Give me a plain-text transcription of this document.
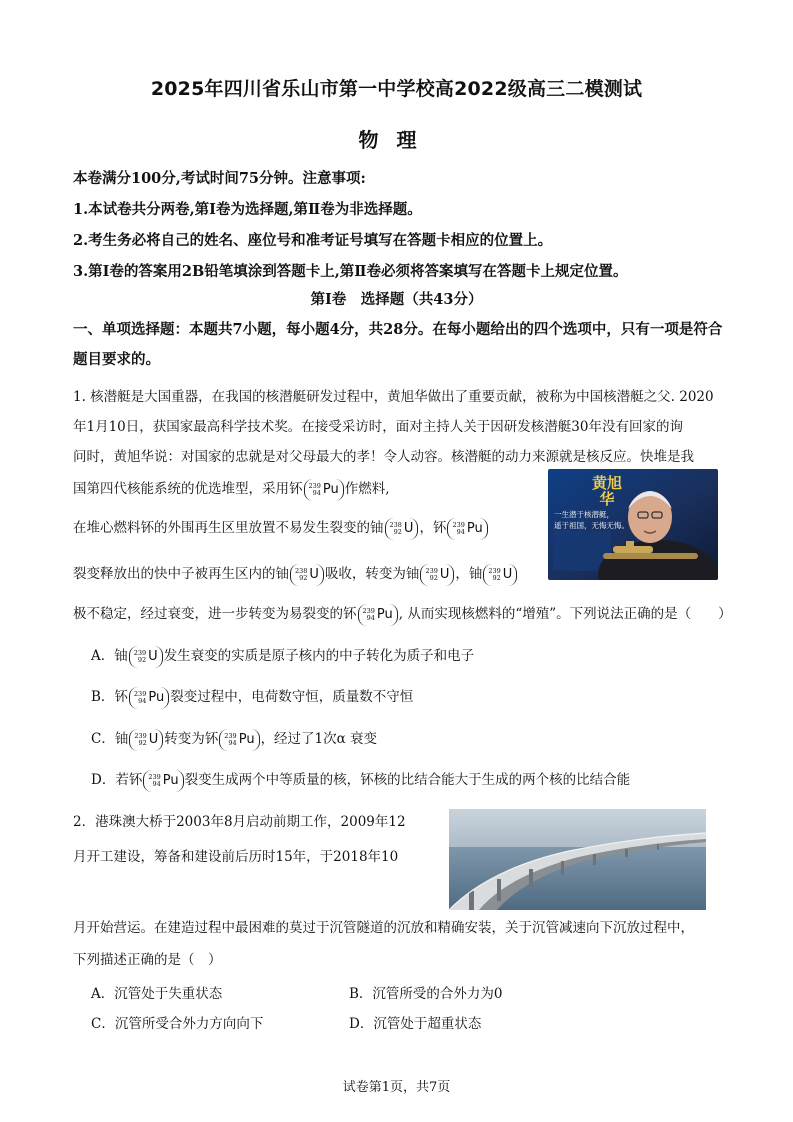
2025年四川省乐山市第一中学校高2022级高三二模测试
物理
本卷满分100分,考试时间75分钟。注意事项:
1.本试卷共分两卷,第Ⅰ卷为选择题,第Ⅱ卷为非选择题。
2.考生务必将自己的姓名、座位号和准考证号填写在答题卡相应的位置上。
3.第Ⅰ卷的答案用2B铅笔填涂到答题卡上,第Ⅱ卷必须将答案填写在答题卡上规定位置。
第Ⅰ卷　选择题（共43分）
一、单项选择题：本题共7小题，每小题4分，共28分。在每小题给出的四个选项中，只有一项是符合题目要求的。
1. 核潜艇是大国重器，在我国的核潜艇研发过程中，黄旭华做出了重要贡献，被称为中国核潜艇之父. 2020
年1月10日，获国家最高科学技术奖。在接受采访时，面对主持人关于因研发核潜艇30年没有回家的询
问时，黄旭华说：对国家的忠就是对父母最大的孝！令人动容。核潜艇的动力来源就是核反应。快堆是我
国第四代核能系统的优选堆型，采用钚 239
94 Pu 作燃料,
在堆心燃料钚的外围再生区里放置不易发生裂变的铀 238
92 U ，钚 239
94 Pu
裂变释放出的快中子被再生区内的铀 238
92 U 吸收，转变为铀 239
92 U ，铀 239
92 U
极不稳定，经过衰变，进一步转变为易裂变的钚 239
94 Pu , 从而实现核燃料的“增殖”。下列说法正确的是（　　）
黄旭
华
一生潜于核潜艇，
遥于祖国，无悔无悔。
A．铀 239
92 U 发生衰变的实质是原子核内的中子转化为质子和电子
B．钚 239
94 Pu 裂变过程中，电荷数守恒，质量数不守恒
C．铀 239
92 U 转变为钚 239
94 Pu ，经过了1次α 衰变
D．若钚 239
94 Pu 裂变生成两个中等质量的核，钚核的比结合能大于生成的两个核的比结合能
2．港珠澳大桥于2003年8月启动前期工作，2009年12
月开工建设，筹备和建设前后历时15年，于2018年10
月开始营运。在建造过程中最困难的莫过于沉管隧道的沉放和精确安装，关于沉管减速向下沉放过程中，
下列描述正确的是（　）
A．沉管处于失重状态	B．沉管所受的合外力为0
C．沉管所受合外力方向向下	D．沉管处于超重状态
试卷第1页，共7页
